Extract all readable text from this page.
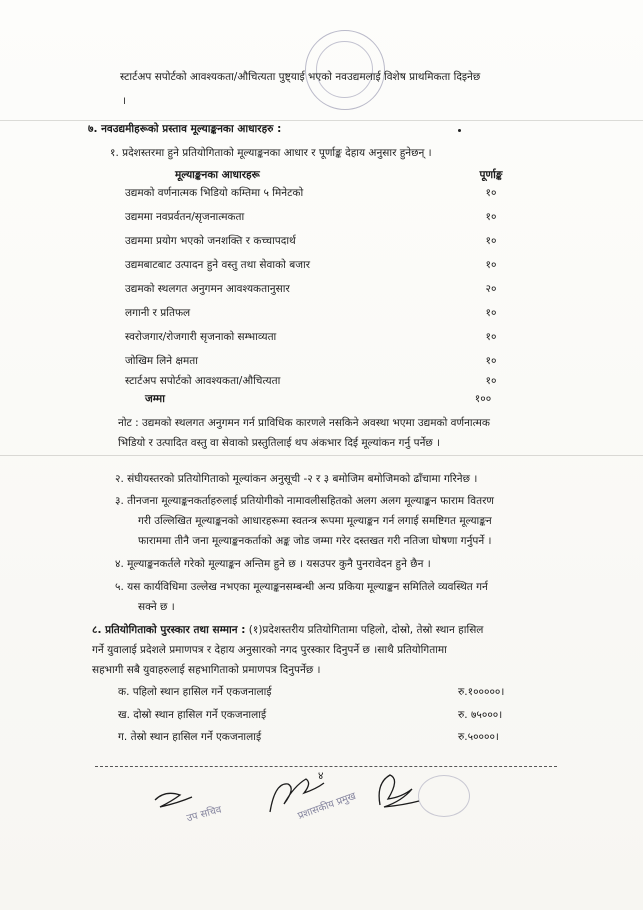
स्टार्टअप सपोर्टको आवश्यकता/औचित्यता पुष्ट्याई भएको नवउद्यमलाई विशेष प्राथमिकता दिइनेछ
।
७. नवउद्यमीहरूको प्रस्ताव मूल्याङ्कनका आधारहरु :
१. प्रदेशस्तरमा हुने प्रतियोगिताको मूल्याङ्कनका आधार र पूर्णाङ्क देहाय अनुसार हुनेछन् ।
मूल्याङ्कनका आधारहरू	पूर्णाङ्क
उद्यमको वर्णनात्मक भिडियो कम्तिमा ५ मिनेटको	१०
उद्यममा नवप्रर्वतन/सृजनात्मकता	१०
उद्यममा प्रयोग भएको जनशक्ति र कच्चापदार्थ	१०
उद्यमबाटबाट उत्पादन हुने वस्तु तथा सेवाको बजार	१०
उद्यमको स्थलगत अनुगमन आवश्यकतानुसार	२०
लगानी र प्रतिफल	१०
स्वरोजगार/रोजगारी सृजनाको सम्भाव्यता	१०
जोखिम लिने क्षमता	१०
स्टार्टअप सपोर्टको आवश्यकता/औचित्यता	१०
जम्मा	१००
नोट : उद्यमको स्थलगत अनुगमन गर्न प्राविधिक कारणले नसकिने अवस्था भएमा उद्यमको वर्णनात्मक
भिडियो र उत्पादित वस्तु वा सेवाको प्रस्तुतिलाई थप अंकभार दिई मूल्यांकन गर्नु पर्नेछ ।
२. संघीयस्तरको प्रतियोगिताको मूल्यांकन अनुसूची -२ र ३ बमोजिम बमोजिमको ढाँचामा गरिनेछ ।
३. तीनजना मूल्याङ्कनकर्ताहरुलाई प्रतियोगीको नामावलीसहितको अलग अलग मूल्याङ्कन फाराम वितरण
गरी उल्लिखित मूल्याङ्कनको आधारहरूमा स्वतन्त्र रूपमा मूल्याङ्कन गर्न लगाई समष्टिगत मूल्याङ्कन
फाराममा तीनै जना मूल्याङ्कनकर्ताको अङ्क जोड जम्मा गरेर दस्तखत गरी नतिजा घोषणा गर्नुपर्ने ।
४. मूल्याङ्कनकर्तले गरेको मूल्याङ्कन अन्तिम हुने छ । यसउपर कुनै पुनरावेदन हुने छैन ।
५. यस कार्यविधिमा उल्लेख नभएका मूल्याङ्कनसम्बन्धी अन्य प्रकिया मूल्याङ्कन समितिले व्यवस्थित गर्न
सक्ने छ ।
८. प्रतियोगिताको पुरस्कार तथा सम्मान : (१)प्रदेशस्तरीय प्रतियोगितामा पहिलो, दोस्रो, तेस्रो स्थान हासिल
गर्ने युवालाई प्रदेशले प्रमाणपत्र र देहाय अनुसारको नगद पुरस्कार दिनुपर्ने छ ।साथै प्रतियोगितामा
सहभागी सबै युवाहरुलाई सहभागिताको प्रमाणपत्र दिनुपर्नेछ ।
क. पहिलो स्थान हासिल गर्ने एकजनालाई	रु.१०००००।
ख. दोस्रो स्थान हासिल गर्ने एकजनालाई	रु. ७५०००।
ग. तेस्रो स्थान हासिल गर्ने एकजनालाई	रु.५००००।
४
उप सचिव	प्रशासकीय प्रमुख
